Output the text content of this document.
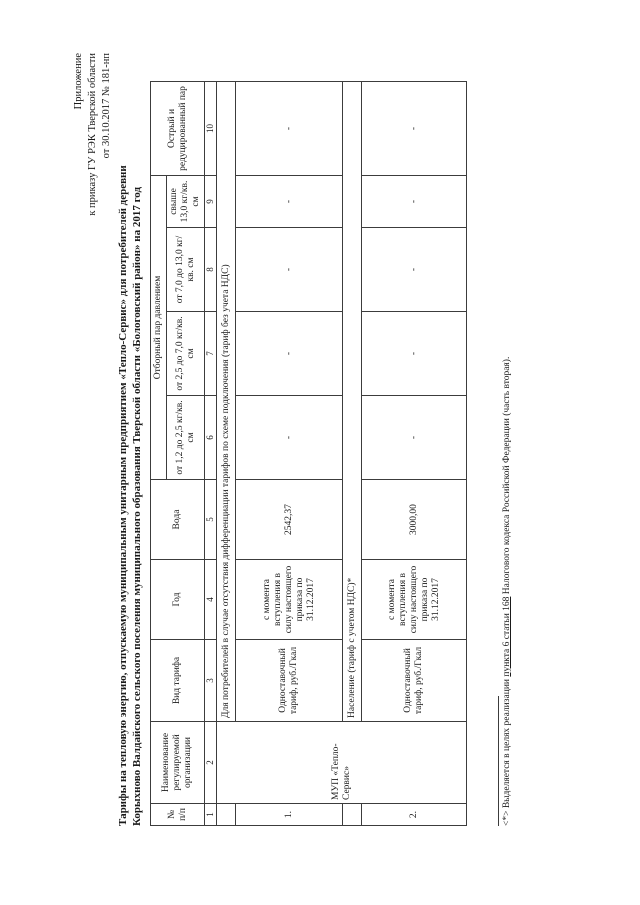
Приложение к приказу ГУ РЭК Тверской области от 30.10.2017 № 181-нп
Тарифы на тепловую энергию, отпускаемую муниципальным унитарным предприятием «Тепло-Сервис» для потребителей деревни Корыхново Валдайского сельского поселения муниципального образования Тверской области «Бологовский район» на 2017 год № п/п	Наименование регулируемой организации	Вид тарифа	Год	Вода	Отборный пар давлением				Острый и редуцированный пар
					от 1,2 до 2,5 кг/кв. см	от 2,5 до 7,0 кг/кв. см	от 7,0 до 13,0 кг/кв. см	свыше 13,0 кг/кв. см	
1	2	3	4	5	6	7	8	9	10
	МУП «Тепло-Сервис»	Для потребителей в случае отсутствия дифференциации тарифов по схеме подключения (тариф без учета НДС)							
1.		Одноставочный тариф, руб./Гкал	с момента вступления в силу настоящего приказа по 31.12.2017	2542,37	-	-	-	-	-
		Население (тариф с учетом НДС)*							
2.		Одноставочный тариф, руб./Гкал	с момента вступления в силу настоящего приказа по 31.12.2017	3000,00	-	-	-	-	-
<*> Выделяется в целях реализации пункта 6 статьи 168 Налогового кодекса Российской Федерации (часть вторая).
